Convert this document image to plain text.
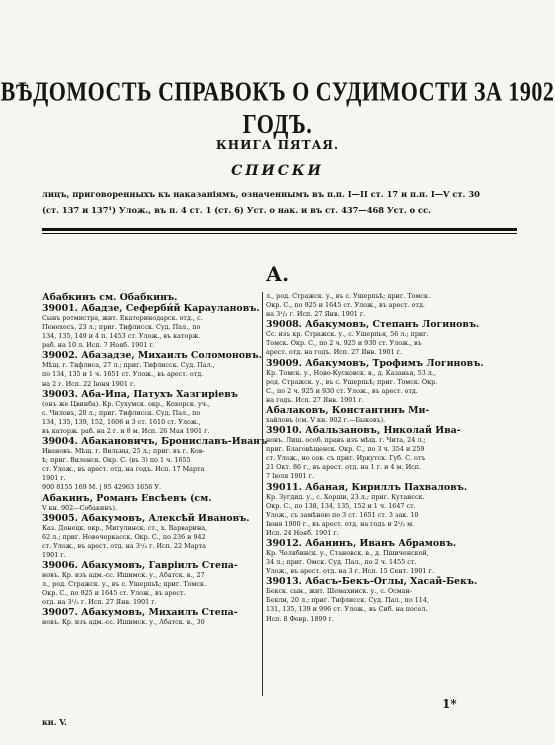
ВѢДОМОСТЬ СПРАВОКЪ О СУДИМОСТИ ЗА 1902 ГОДЪ.
КНИГА ПЯТАЯ.
СПИСКИ
лицъ, приговоренныхъ къ наказаніямъ, означеннымъ въ п.п. I—II ст. 17 и п.п. I—V ст. 30
(ст. 137 и 137¹) Улож., въ п. 4 ст. 1 (ст. 6) Уст. о нак. и въ ст. 437—468 Уст. о сс.
А.
Абабкинъ см. Обабкинъ.
39001. Абадзе, Сеферби́й Караулановъ.
Сынъ ротмистра, жит. Екатеринодарск. отд., с.
Пенехесъ, 23 л.; приг. Тифлисск. Суд. Пал., по
134, 135, 149 и 4 п. 1453 ст. Улож., въ каторж.
раб. на 10 л. Исп. 7 Нояб. 1901 г.
39002. Абазадзе, Михаилъ Соломоновъ.
Мѣщ. г. Тифлиса, 27 л.; приг. Тифлисск. Суд. Пал.,
по 134, 135 и 1 ч. 1651 ст. Улож., въ арест. отд.
на 2 г. Исп. 22 Іюня 1901 г.
39003. Аба-Ипа, Патухъ Хазгиріевъ
(онъ же Цвинба). Кр. Сухумск. окр., Кохорск. уч.,
с. Чиловъ, 20 л.; приг. Тифлисск. Суд. Пал., по
134, 135, 139, 152, 1606 и 3 ст. 1610 ст. Улож.,
въ каторж. раб. на 2 г. и 8 м. Исп. 26 Мая 1901 г.
39004. Абакановичъ, Брониславъ-Иванъ
Ивановъ. Мѣщ. г. Вильны, 25 л.; приг. въ г. Ков-
ѣ; приг. Виленск. Окр. С. (въ 3) по 1 ч. 1655
ст. Улож., въ арест. отд. на годъ. Исп. 17 Марта
1901 г.
900 8155 169 М. | 95 42963 1656 У.
Абакинъ, Романъ Евсѣевъ (см.
V кн. 902—Собакинъ).
39005. Абакумовъ, Алексѣй Ивановъ.
Каз. Донецк. окр., Мигулинск. ст., х. Варварина,
62 л.; приг. Новочеркасск. Окр. С., по 236 и 942
ст. Улож., въ арест. отд. на 3¹/₂ г. Исп. 22 Марта
1901 г.
39006. Абакумовъ, Гавріилъ Степа-
новъ. Кр. изъ адм.-сс. Ишимск. у., Абатск. в., 27
л., род. Стражск. у., въ с. Ушерпьѣ; приг. Томск.
Окр. С., по 925 и 1645 ст. Улож., въ арест.
отд. на 3¹/₂ г. Исп. 27 Янв. 1901 г.
39007. Абакумовъ, Михаилъ Степа-
новъ. Кр. изъ адм.-сс. Ишимск. у., Абатск. в., 30
л., род. Стражск. у., въ с. Ушерпьѣ; приг. Томск.
Окр. С., по 925 и 1645 ст. Улож., въ арест. отд.
на 3¹/₂ г. Исп. 27 Янв. 1901 г.
39008. Абакумовъ, Степанъ Логиновъ.
Сс. изъ кр. Стражск. у., с. Ушерпья, 56 л.; приг.
Томск. Окр. С., по 2 ч. 925 и 930 ст. Улож., въ
арест. отд. на годъ. Исп. 27 Янв. 1901 г.
39009. Абакумовъ, Трофимъ Логиновъ.
Кр. Томск. у., Ново-Кусковск. в., д. Казанья, 53 л.,
род. Стражск. у., въ с. Ушерпьѣ; приг. Томск. Окр.
С., по 2 ч. 925 и 930 ст. Улож., въ арест. отд.
на годъ. Исп. 27 Янв. 1901 г.
Абалаковъ, Константинъ Ми-
хайловъ (см. V кн. 902 г.—Быковъ).
39010. Абальзановъ, Николай Ива-
новъ. Лиш. особ. правъ изъ мѣщ. г. Чита, 24 л.;
приг. Благовѣщенск. Окр. С., по 3 ч. 354 и 259
ст. Улож., но сов. съ приг. Иркутск. Губ. С. отъ
21 Окт. 86 г., въ арест. отд. на 1 г. и 4 м. Исп.
7 Іюля 1901 г.
39011. Абаная, Кириллъ Пахваловъ.
Кр. Зугдид. у., с. Хорши, 23 л.; приг. Кутаисск.
Окр. С., по 138, 134, 135, 152 и 1 ч. 1647 ст.
Улож., съ замѣною по 3 ст. 1651 ст. 3 зак. 10
Іюня 1900 г., въ арест. отд. на годъ и 2¹/₂ м.
Исп. 24 Нояб. 1901 г.
39012. Абанинъ, Иванъ Абрамовъ.
Кр. Челябинск. у., Становск. в., д. Пшиченской,
34 л.; приг. Омск. Суд. Пал., по 2 ч. 1455 ст.
Улож., въ арест. отд. на 3 г. Исп. 15 Сент. 1901 г.
39013. Абасъ-Бекъ-Оглы, Хасай-Бекъ.
Бекск. сын., жит. Шемахинск. у., с. Осман-
Бекли, 20 л.; приг. Тифлисск. Суд. Пал., по 114,
131, 135, 139 и 996 ст. Улож., въ Сиб. на посел.
Исп. 8 Февр. 1899 г.
кн. V.
1*
